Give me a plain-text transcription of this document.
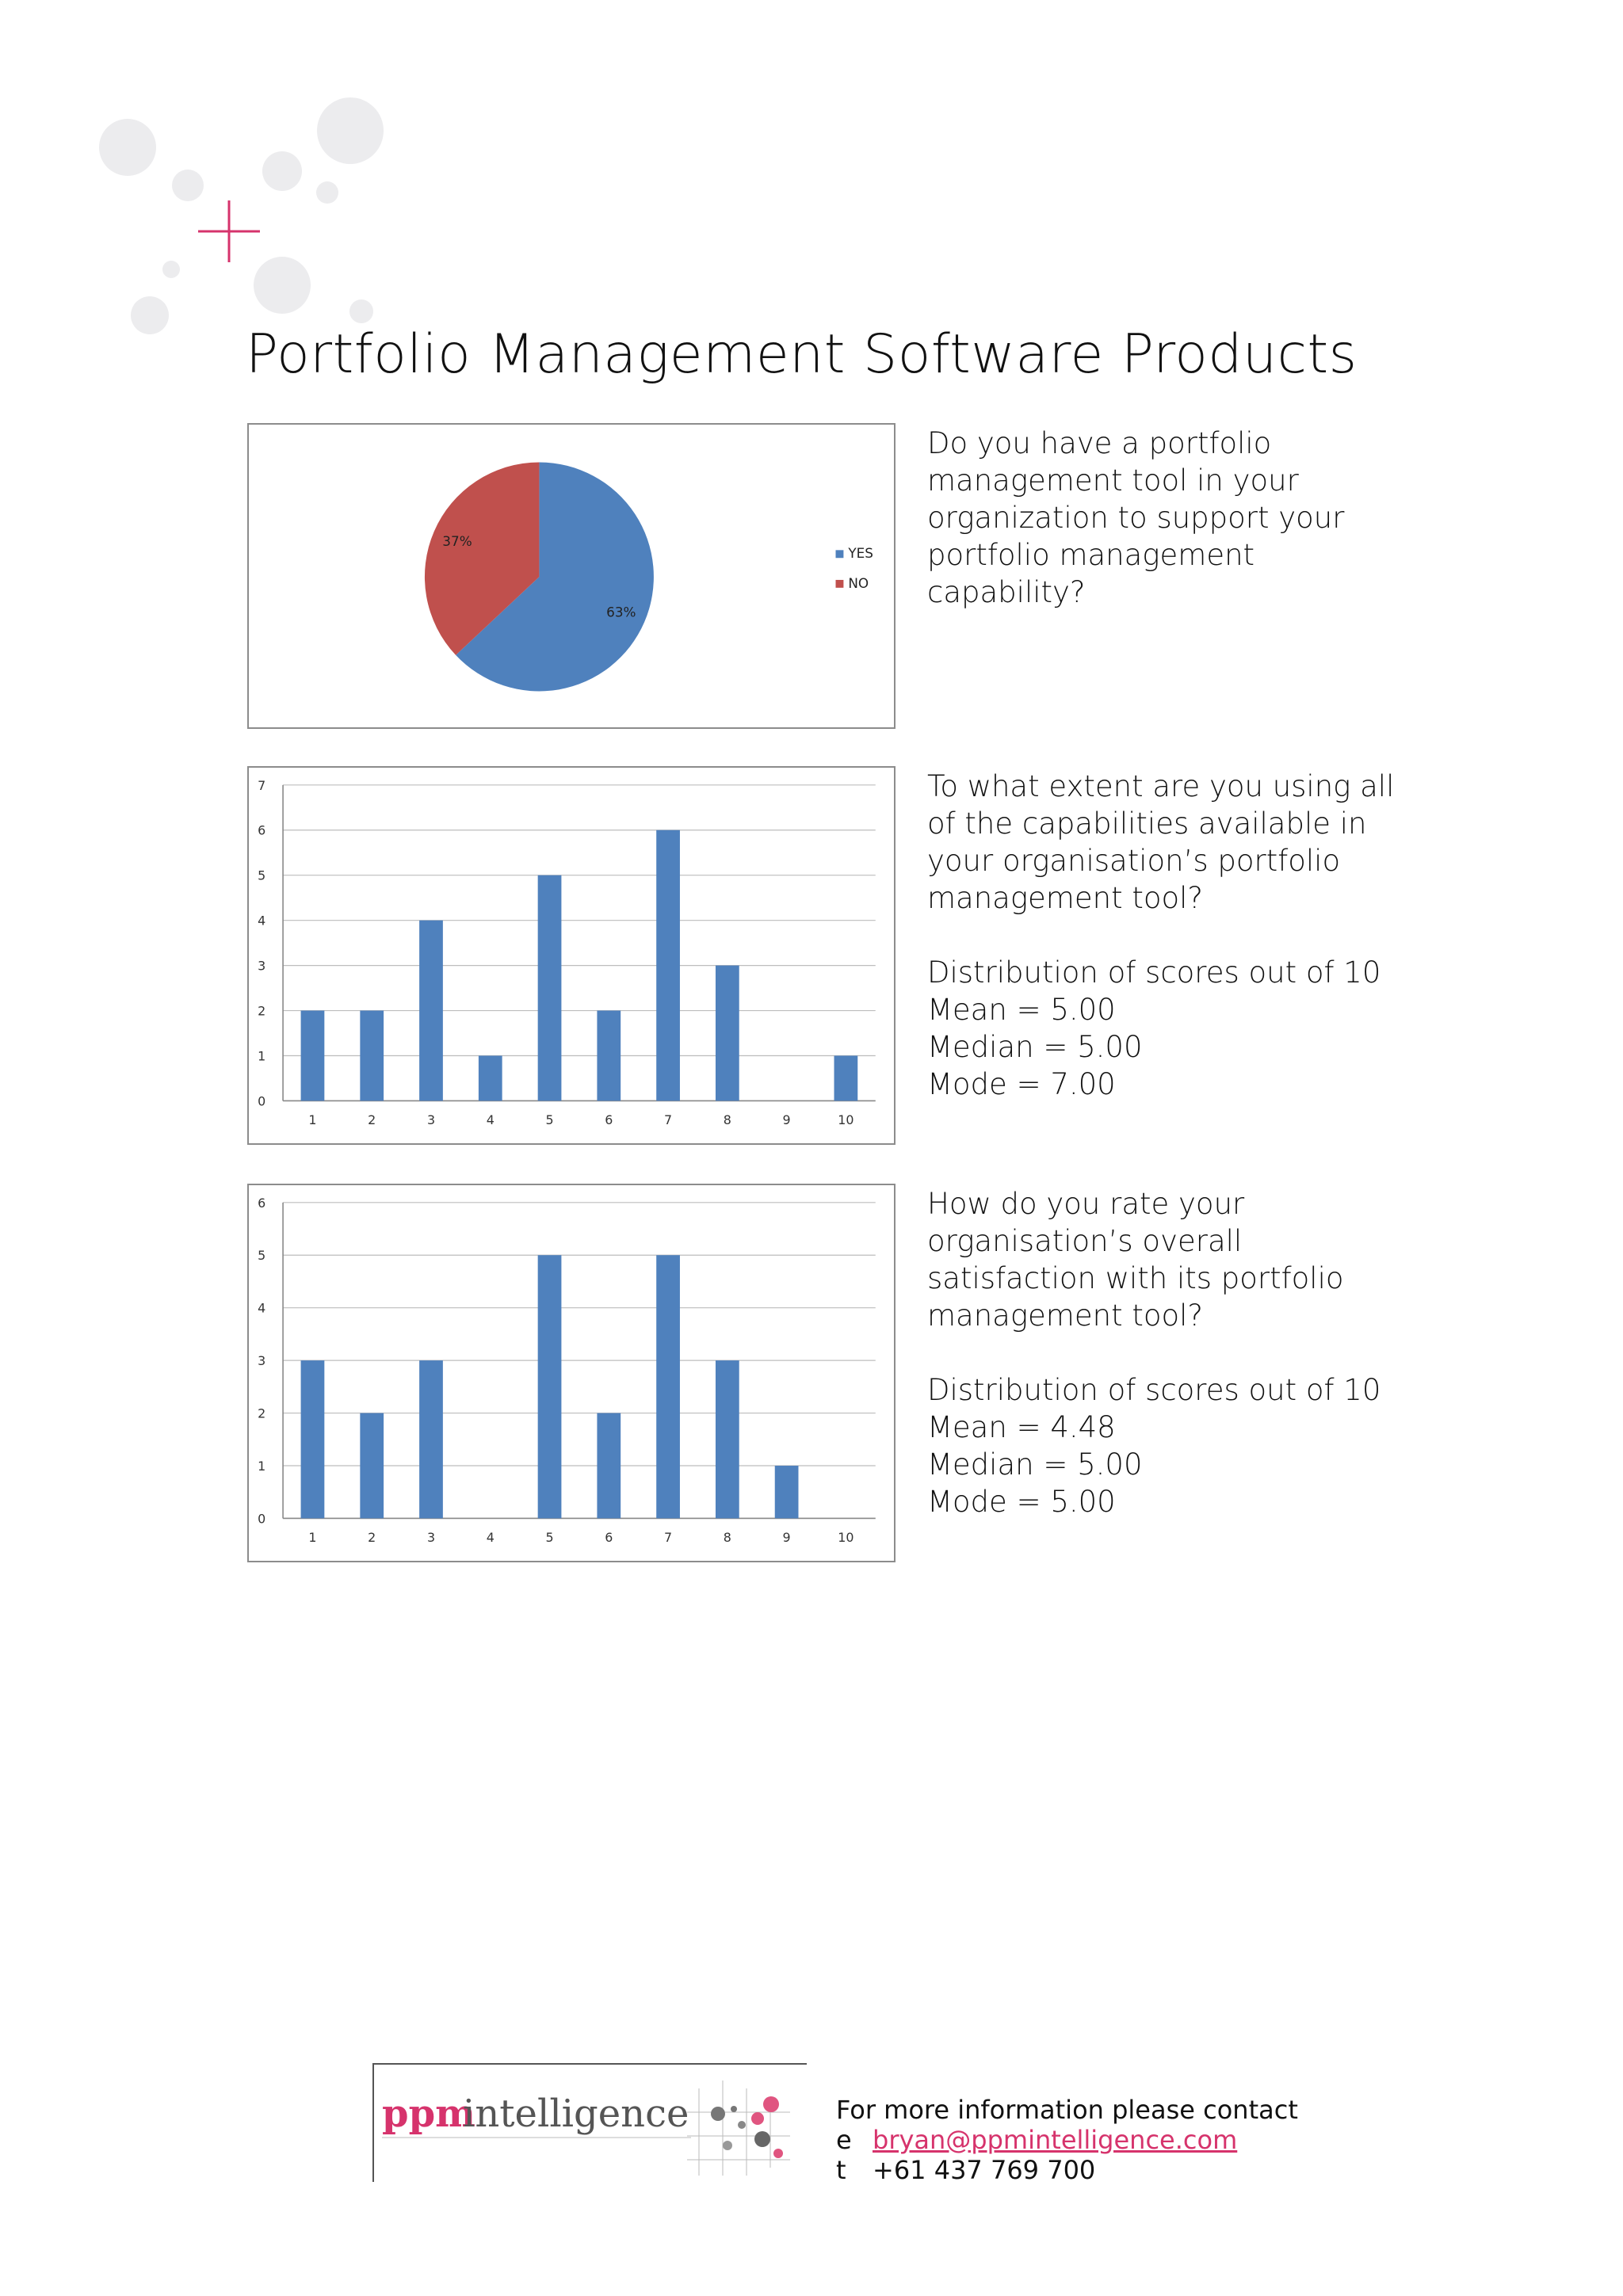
Portfolio Management Software Products
63%
37%
YES
NO
Do you have a portfolio
management tool in your
organization to support your
portfolio management
capability?
0
1
2
3
4
5
6
7
1	2	3	4	5	6	7	8	9	10
To what extent are you using all
of the capabilities available in
your organisation’s portfolio
management tool?
Distribution of scores out of 10
Mean = 5.00
Median = 5.00
Mode = 7.00
0
1
2
3
4
5
6
1	2	3	4	5	6	7	8	9	10
How do you rate your
organisation’s overall
satisfaction with its portfolio
management tool?
Distribution of scores out of 10
Mean = 4.48
Median = 5.00
Mode = 5.00
ppm
intelligence	For more information please contact
e bryan@ppmintelligence.com
t +61 437 769 700
